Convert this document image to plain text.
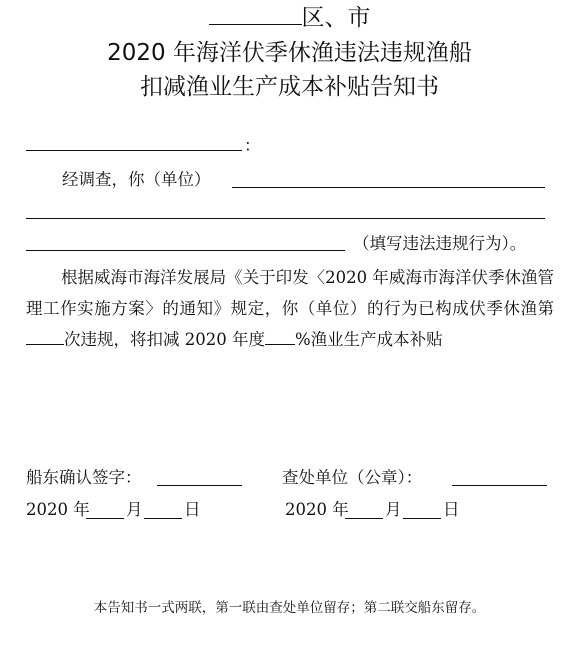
区、市
2020 年海洋伏季休渔违法违规渔船
扣减渔业生产成本补贴告知书
：
经调查，你（单位）
（填写违法违规行为）。
根据威海市海洋发展局《关于印发〈2020 年威海市海洋伏季休渔管理工作实施方案〉的通知》规定，你（单位）的行为已构成伏季休渔第次违规，将扣减 2020 年度 %渔业生产成本补贴
船东确认签字：	查处单位（公章）：
2020 年 月	日	2020 年 月	日
本告知书一式两联，第一联由查处单位留存；第二联交船东留存。
